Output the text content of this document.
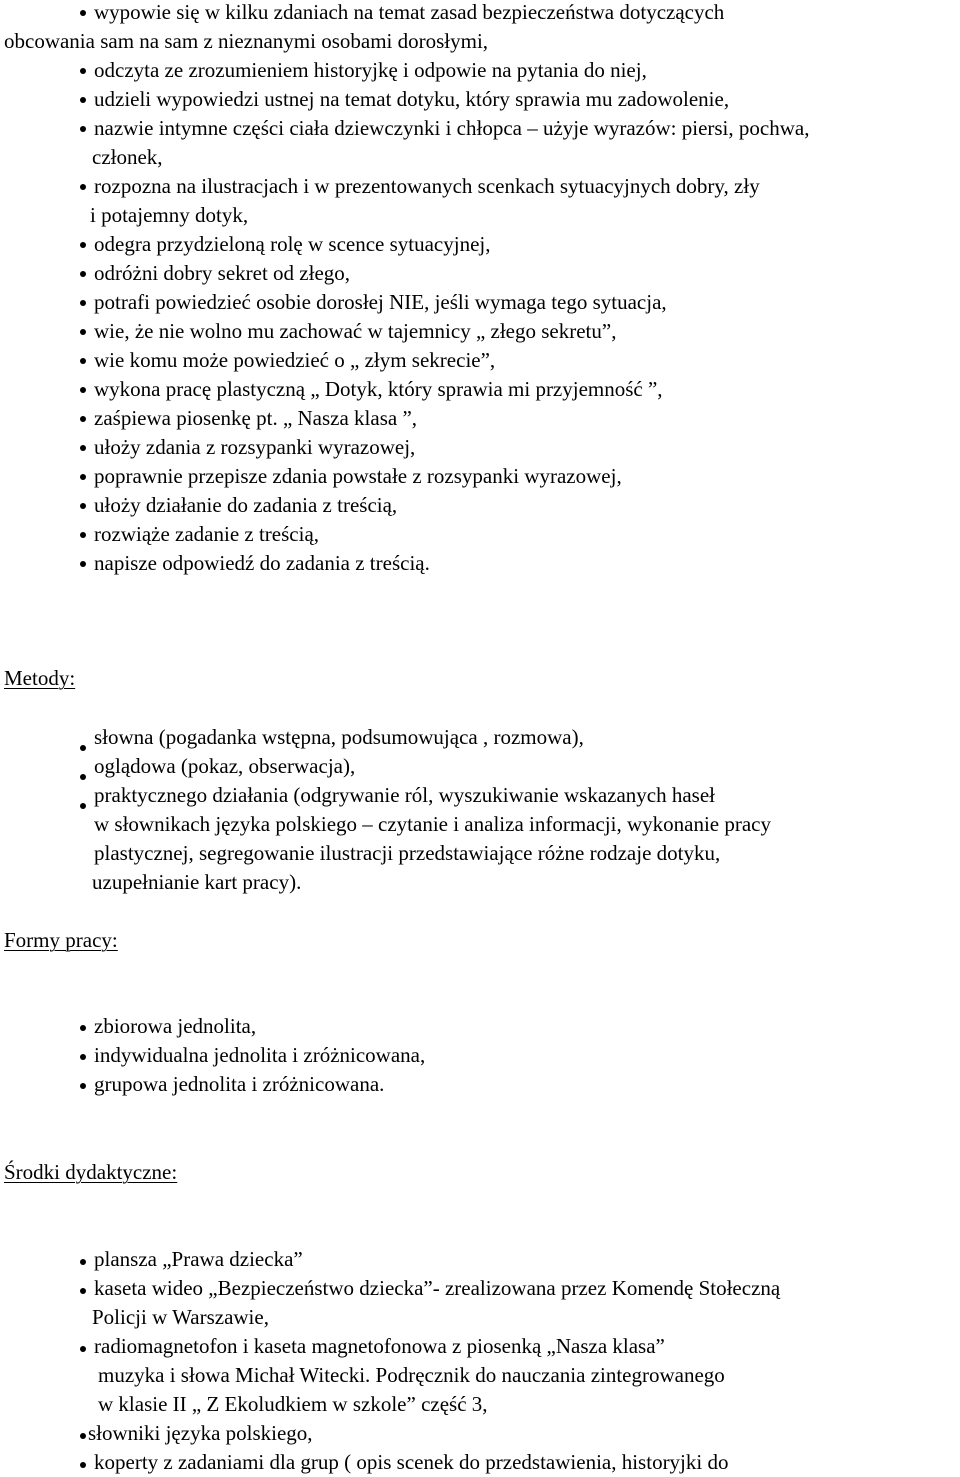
wypowie się w kilku zdaniach na temat zasad bezpieczeństwa dotyczących
obcowania sam na sam z nieznanymi osobami dorosłymi,
odczyta ze zrozumieniem historyjkę i odpowie na pytania do niej,
udzieli wypowiedzi ustnej na temat dotyku, który sprawia mu zadowolenie,
nazwie intymne części ciała dziewczynki i chłopca – użyje wyrazów: piersi, pochwa,
członek,
rozpozna na ilustracjach i w prezentowanych scenkach sytuacyjnych dobry, zły
i potajemny dotyk,
odegra przydzieloną rolę w scence sytuacyjnej,
odróżni dobry sekret od złego,
potrafi powiedzieć osobie dorosłej NIE, jeśli wymaga tego sytuacja,
wie, że nie wolno mu zachować w tajemnicy „ złego sekretu”,
wie komu może powiedzieć o „ złym sekrecie”,
wykona pracę plastyczną „ Dotyk, który sprawia mi przyjemność ”,
zaśpiewa piosenkę pt. „ Nasza klasa ”,
ułoży zdania z rozsypanki wyrazowej,
poprawnie przepisze zdania powstałe z rozsypanki wyrazowej,
ułoży działanie do zadania z treścią,
rozwiąże zadanie z treścią,
napisze odpowiedź do zadania z treścią.
Metody:
słowna (pogadanka wstępna, podsumowująca , rozmowa),
oglądowa (pokaz, obserwacja),
praktycznego działania (odgrywanie ról, wyszukiwanie wskazanych haseł
w słownikach języka polskiego – czytanie i analiza informacji, wykonanie pracy
plastycznej, segregowanie ilustracji przedstawiające różne rodzaje dotyku,
uzupełnianie kart pracy).
Formy pracy:
zbiorowa jednolita,
indywidualna jednolita i zróżnicowana,
grupowa jednolita i zróżnicowana.
Środki dydaktyczne:
plansza „Prawa dziecka”
kaseta wideo „Bezpieczeństwo dziecka”- zrealizowana przez Komendę Stołeczną
Policji w Warszawie,
radiomagnetofon i kaseta magnetofonowa z piosenką „Nasza klasa”
muzyka i słowa Michał Witecki. Podręcznik do nauczania zintegrowanego
w klasie II „ Z Ekoludkiem w szkole” część 3,
słowniki języka polskiego,
koperty z zadaniami dla grup ( opis scenek do przedstawienia, historyjki do
